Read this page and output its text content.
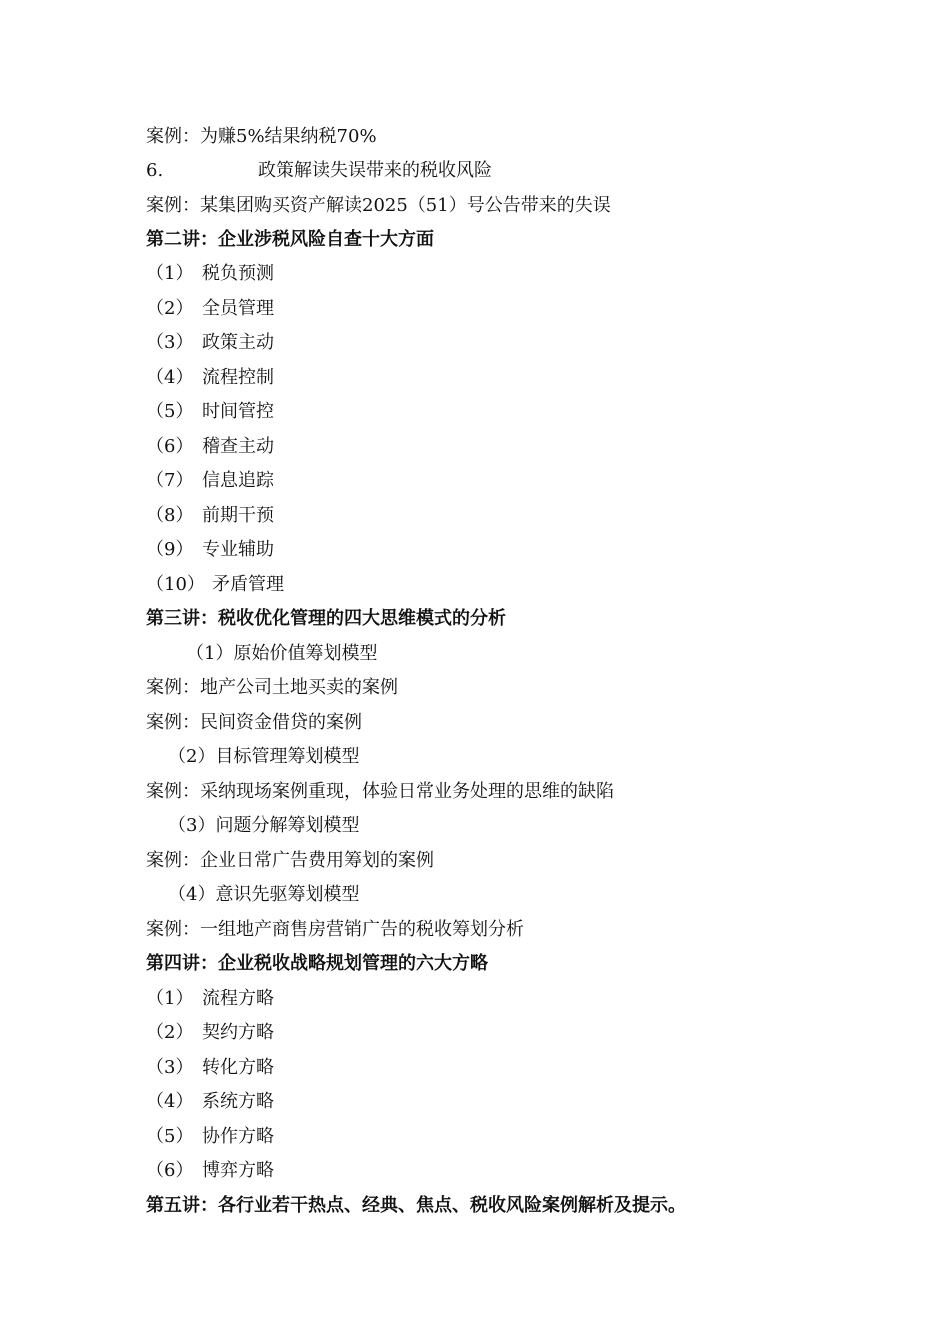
案例：为赚5%结果纳税70%
6.	政策解读失误带来的税收风险
案例：某集团购买资产解读2025（51）号公告带来的失误
第二讲：企业涉税风险自查十大方面
（1） 税负预测
（2） 全员管理
（3） 政策主动
（4） 流程控制
（5） 时间管控
（6） 稽查主动
（7） 信息追踪
（8） 前期干预
（9） 专业辅助
（10） 矛盾管理
第三讲：税收优化管理的四大思维模式的分析
（1）原始价值筹划模型
案例：地产公司土地买卖的案例
案例：民间资金借贷的案例
（2）目标管理筹划模型
案例：采纳现场案例重现，体验日常业务处理的思维的缺陷
（3）问题分解筹划模型
案例：企业日常广告费用筹划的案例
（4）意识先驱筹划模型
案例：一组地产商售房营销广告的税收筹划分析
第四讲：企业税收战略规划管理的六大方略
（1） 流程方略
（2） 契约方略
（3） 转化方略
（4） 系统方略
（5） 协作方略
（6） 博弈方略
第五讲：各行业若干热点、经典、焦点、税收风险案例解析及提示。
